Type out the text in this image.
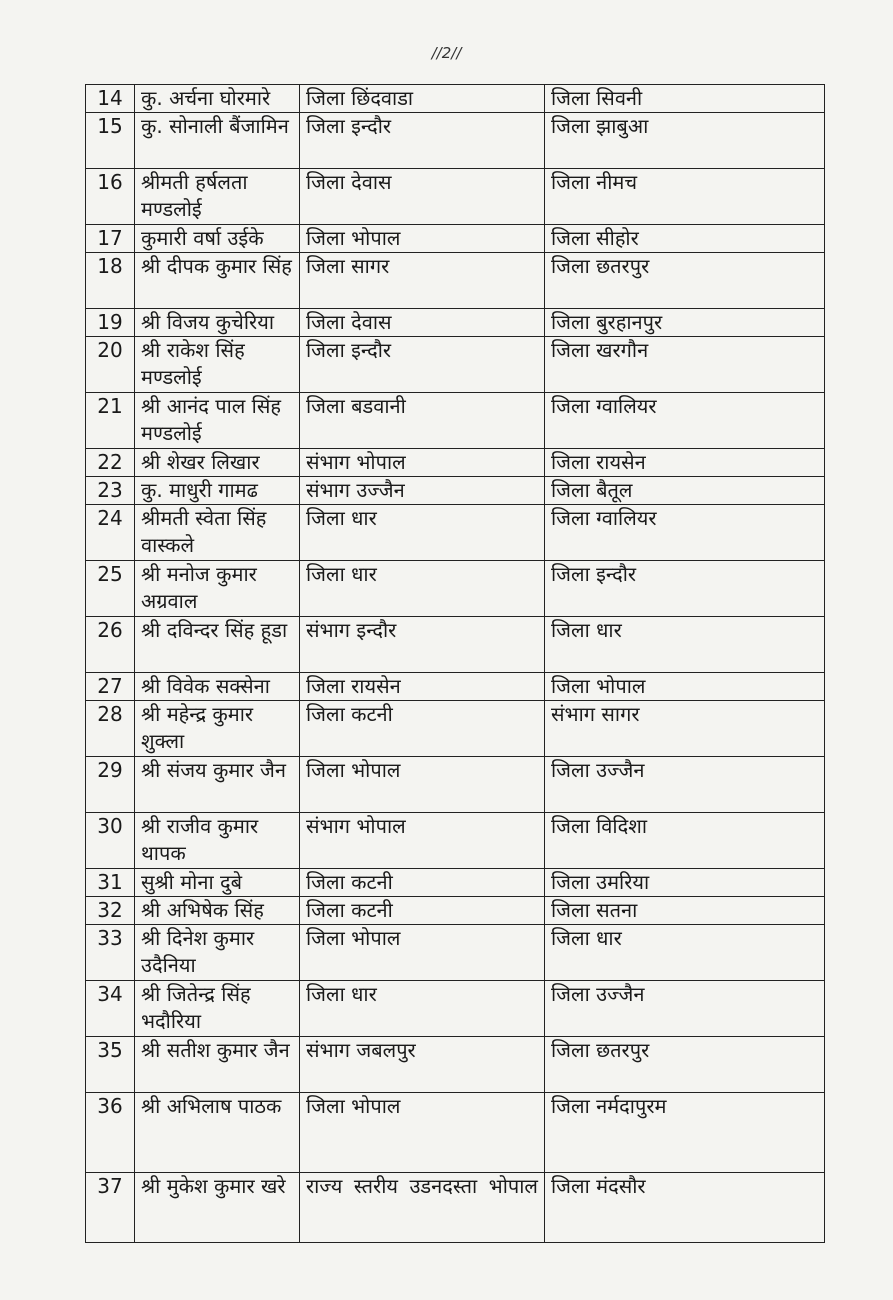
//2//
14	कु. अर्चना घोरमारे	जिला छिंदवाडा	जिला सिवनी
15	कु. सोनाली बैंजामिन	जिला इन्दौर	जिला झाबुआ
16	श्रीमती हर्षलता मण्डलोई	जिला देवास	जिला नीमच
17	कुमारी वर्षा उईके	जिला भोपाल	जिला सीहोर
18	श्री दीपक कुमार सिंह	जिला सागर	जिला छतरपुर
19	श्री विजय कुचेरिया	जिला देवास	जिला बुरहानपुर
20	श्री राकेश सिंह मण्डलोई	जिला इन्दौर	जिला खरगौन
21	श्री आनंद पाल सिंह मण्डलोई	जिला बडवानी	जिला ग्वालियर
22	श्री शेखर लिखार	संभाग भोपाल	जिला रायसेन
23	कु. माधुरी गामढ	संभाग उज्जैन	जिला बैतूल
24	श्रीमती स्वेता सिंह वास्कले	जिला धार	जिला ग्वालियर
25	श्री मनोज कुमार अग्रवाल	जिला धार	जिला इन्दौर
26	श्री दविन्दर सिंह हूडा	संभाग इन्दौर	जिला धार
27	श्री विवेक सक्सेना	जिला रायसेन	जिला भोपाल
28	श्री महेन्द्र कुमार शुक्ला	जिला कटनी	संभाग सागर
29	श्री संजय कुमार जैन	जिला भोपाल	जिला उज्जैन
30	श्री राजीव कुमार थापक	संभाग भोपाल	जिला विदिशा
31	सुश्री मोना दुबे	जिला कटनी	जिला उमरिया
32	श्री अभिषेक सिंह	जिला कटनी	जिला सतना
33	श्री दिनेश कुमार उदैनिया	जिला भोपाल	जिला धार
34	श्री जितेन्द्र सिंह भदौरिया	जिला धार	जिला उज्जैन
35	श्री सतीश कुमार जैन	संभाग जबलपुर	जिला छतरपुर
36	श्री अभिलाष पाठक	जिला भोपाल	जिला नर्मदापुरम
37	श्री मुकेश कुमार खरे	राज्य स्तरीय उडनदस्ता भोपाल	जिला मंदसौर
